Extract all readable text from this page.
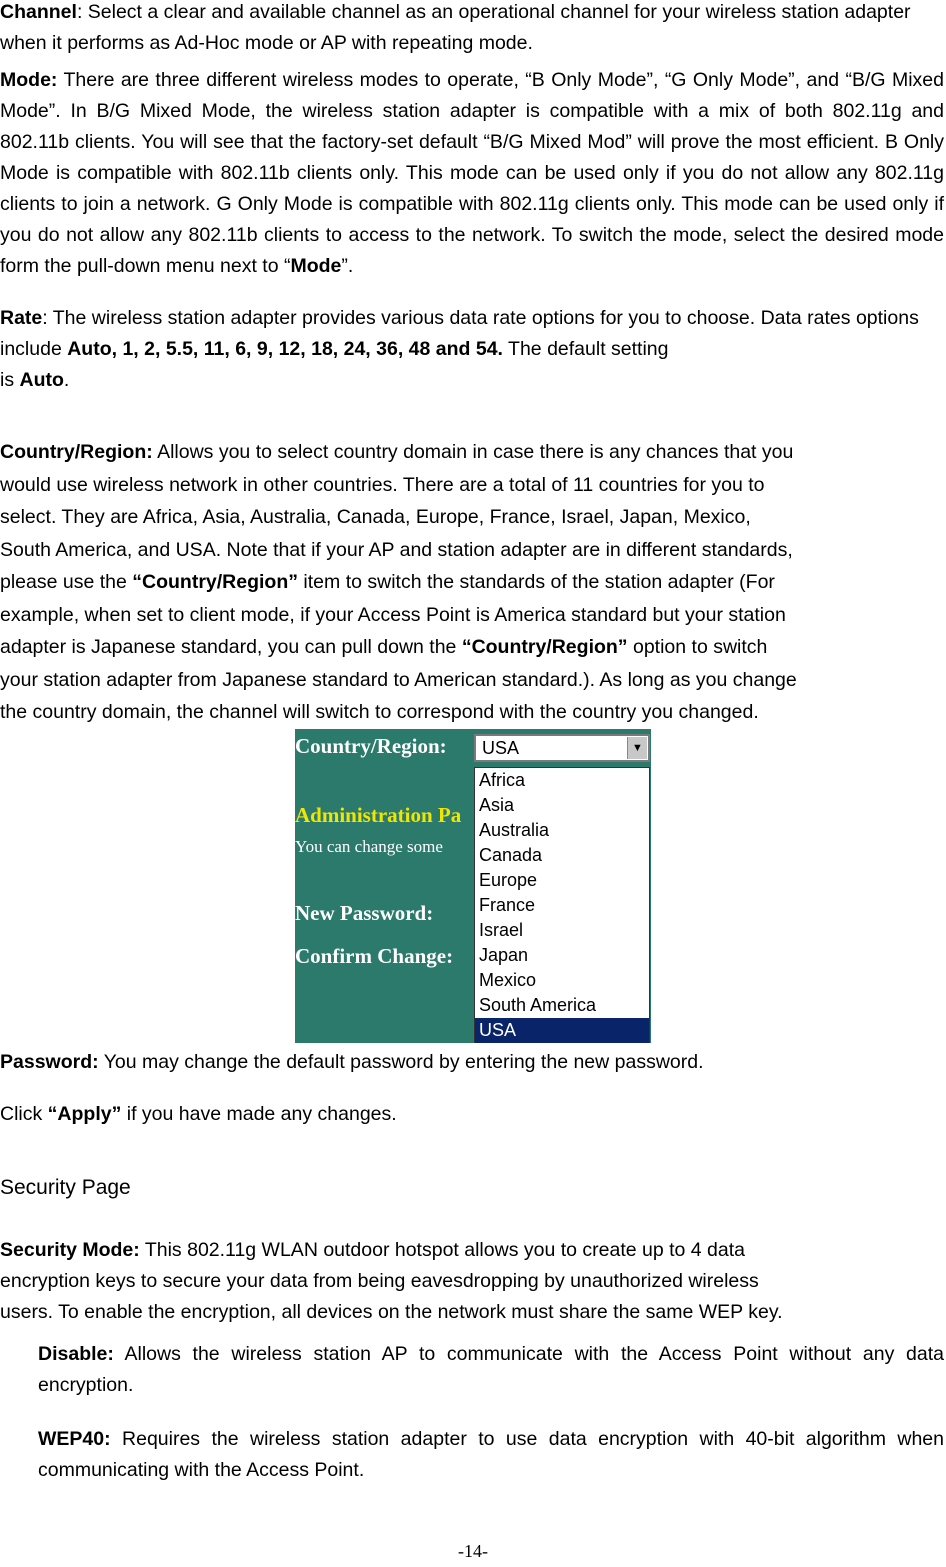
Channel: Select a clear and available channel as an operational channel for your wireless station adapter when it performs as Ad-Hoc mode or AP with repeating mode.

Mode: There are three different wireless modes to operate, “B Only Mode”, “G Only Mode”, and “B/G Mixed Mode”. In B/G Mixed Mode, the wireless station adapter is compatible with a mix of both 802.11g and 802.11b clients. You will see that the factory-set default “B/G Mixed Mod” will prove the most efficient. B Only Mode is compatible with 802.11b clients only. This mode can be used only if you do not allow any 802.11g clients to join a network. G Only Mode is compatible with 802.11g clients only. This mode can be used only if you do not allow any 802.11b clients to access to the network. To switch the mode, select the desired mode form the pull-down menu next to “Mode”.

Rate: The wireless station adapter provides various data rate options for you to choose. Data rates options include Auto, 1, 2, 5.5, 11, 6, 9, 12, 18, 24, 36, 48 and 54. The default setting
is Auto.

Country/Region: Allows you to select country domain in case there is any chances that you
would use wireless network in other countries. There are a total of 11 countries for you to
select. They are Africa, Asia, Australia, Canada, Europe, France, Israel, Japan, Mexico,
South America, and USA. Note that if your AP and station adapter are in different standards,
please use the “Country/Region” item to switch the standards of the station adapter (For
example, when set to client mode, if your Access Point is America standard but your station
adapter is Japanese standard, you can pull down the “Country/Region” option to switch
your station adapter from Japanese standard to American standard.). As long as you change
the country domain, the channel will switch to correspond with the country you changed.

Country/Region:
Administration Pa
You can change some
New Password:
Confirm Change:
USA	▼
Africa
Asia
Australia
Canada
Europe
France
Israel
Japan
Mexico
South America
USA

Password: You may change the default password by entering the new password.

Click “Apply” if you have made any changes.

Security Page

Security Mode: This 802.11g WLAN outdoor hotspot allows you to create up to 4 data
encryption keys to secure your data from being eavesdropping by unauthorized wireless
users. To enable the encryption, all devices on the network must share the same WEP key.

Disable: Allows the wireless station AP to communicate with the Access Point without any data encryption.

WEP40: Requires the wireless station adapter to use data encryption with 40-bit algorithm when communicating with the Access Point.

-14-
